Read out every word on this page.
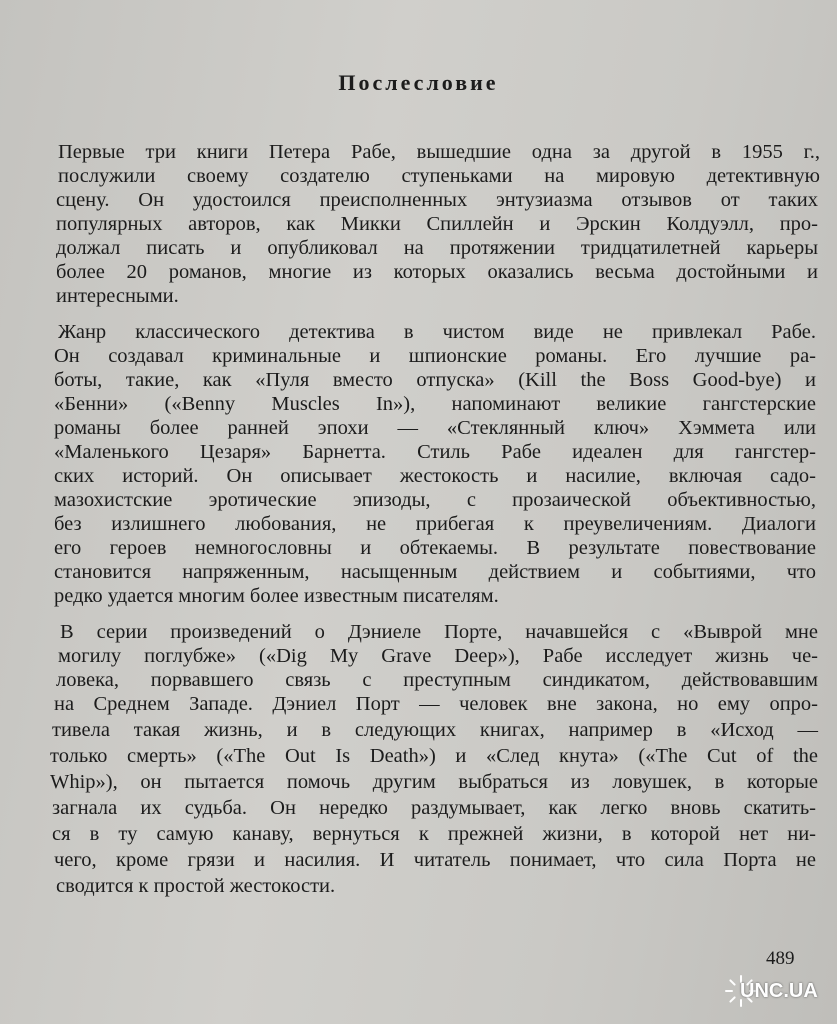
Послесловие
Первые три книги Петера Рабе, вышедшие одна за другой в 1955 г.,
послужили своему создателю ступеньками на мировую детективную
сцену. Он удостоился преисполненных энтузиазма отзывов от таких
популярных авторов, как Микки Спиллейн и Эрскин Колдуэлл, про-
должал писать и опубликовал на протяжении тридцатилетней карьеры
более 20 романов, многие из которых оказались весьма достойными и
интересными.
Жанр классического детектива в чистом виде не привлекал Рабе.
Он создавал криминальные и шпионские романы. Его лучшие ра-
боты, такие, как «Пуля вместо отпуска» (Kill the Boss Good-bye) и
«Бенни» («Benny Muscles In»), напоминают великие гангстерские
романы более ранней эпохи — «Стеклянный ключ» Хэммета или
«Маленького Цезаря» Барнетта. Стиль Рабе идеален для гангстер-
ских историй. Он описывает жестокость и насилие, включая садо-
мазохистские эротические эпизоды, с прозаической объективностью,
без излишнего любования, не прибегая к преувеличениям. Диалоги
его героев немногословны и обтекаемы. В результате повествование
становится напряженным, насыщенным действием и событиями, что
редко удается многим более известным писателям.
В серии произведений о Дэниеле Порте, начавшейся с «Выврой мне
могилу поглубже» («Dig My Grave Deep»), Рабе исследует жизнь че-
ловека, порвавшего связь с преступным синдикатом, действовавшим
на Среднем Западе. Дэниел Порт — человек вне закона, но ему опро-
тивела такая жизнь, и в следующих книгах, например в «Исход —
только смерть» («The Out Is Death») и «След кнута» («The Cut of the
Whip»), он пытается помочь другим выбраться из ловушек, в которые
загнала их судьба. Он нередко раздумывает, как легко вновь скатить-
ся в ту самую канаву, вернуться к прежней жизни, в которой нет ни-
чего, кроме грязи и насилия. И читатель понимает, что сила Порта не
сводится к простой жестокости.
489
UNC.UA
